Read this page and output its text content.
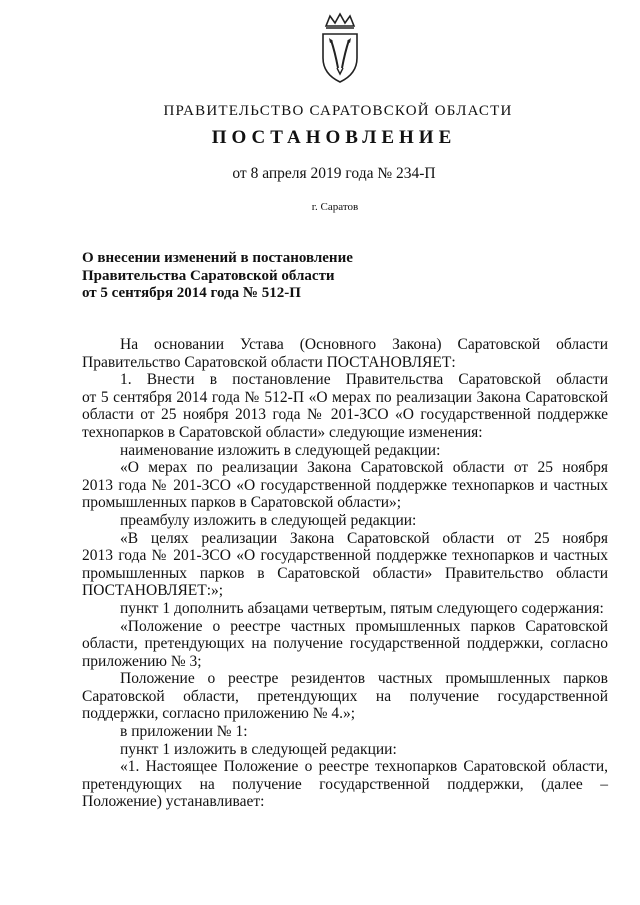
ПРАВИТЕЛЬСТВО САРАТОВСКОЙ ОБЛАСТИ
ПОСТАНОВЛЕНИЕ
от 8 апреля 2019 года № 234-П
г. Саратов
О внесении изменений в постановление
Правительства Саратовской области
от 5 сентября 2014 года № 512-П
На основании Устава (Основного Закона) Саратовской области
Правительство Саратовской области ПОСТАНОВЛЯЕТ:
1. Внести в постановление Правительства Саратовской области
от 5 сентября 2014 года № 512-П «О мерах по реализации Закона Саратовской
области от 25 ноября 2013 года № 201-ЗСО «О государственной поддержке
технопарков в Саратовской области» следующие изменения:
наименование изложить в следующей редакции:
«О мерах по реализации Закона Саратовской области от 25 ноября
2013 года № 201-ЗСО «О государственной поддержке технопарков и частных
промышленных парков в Саратовской области»;
преамбулу изложить в следующей редакции:
«В целях реализации Закона Саратовской области от 25 ноября
2013 года № 201-ЗСО «О государственной поддержке технопарков и частных
промышленных парков в Саратовской области» Правительство области
ПОСТАНОВЛЯЕТ:»;
пункт 1 дополнить абзацами четвертым, пятым следующего содержания:
«Положение о реестре частных промышленных парков Саратовской
области, претендующих на получение государственной поддержки, согласно
приложению № 3;
Положение о реестре резидентов частных промышленных парков
Саратовской области, претендующих на получение государственной
поддержки, согласно приложению № 4.»;
в приложении № 1:
пункт 1 изложить в следующей редакции:
«1. Настоящее Положение о реестре технопарков Саратовской области,
претендующих на получение государственной поддержки, (далее –
Положение) устанавливает:
